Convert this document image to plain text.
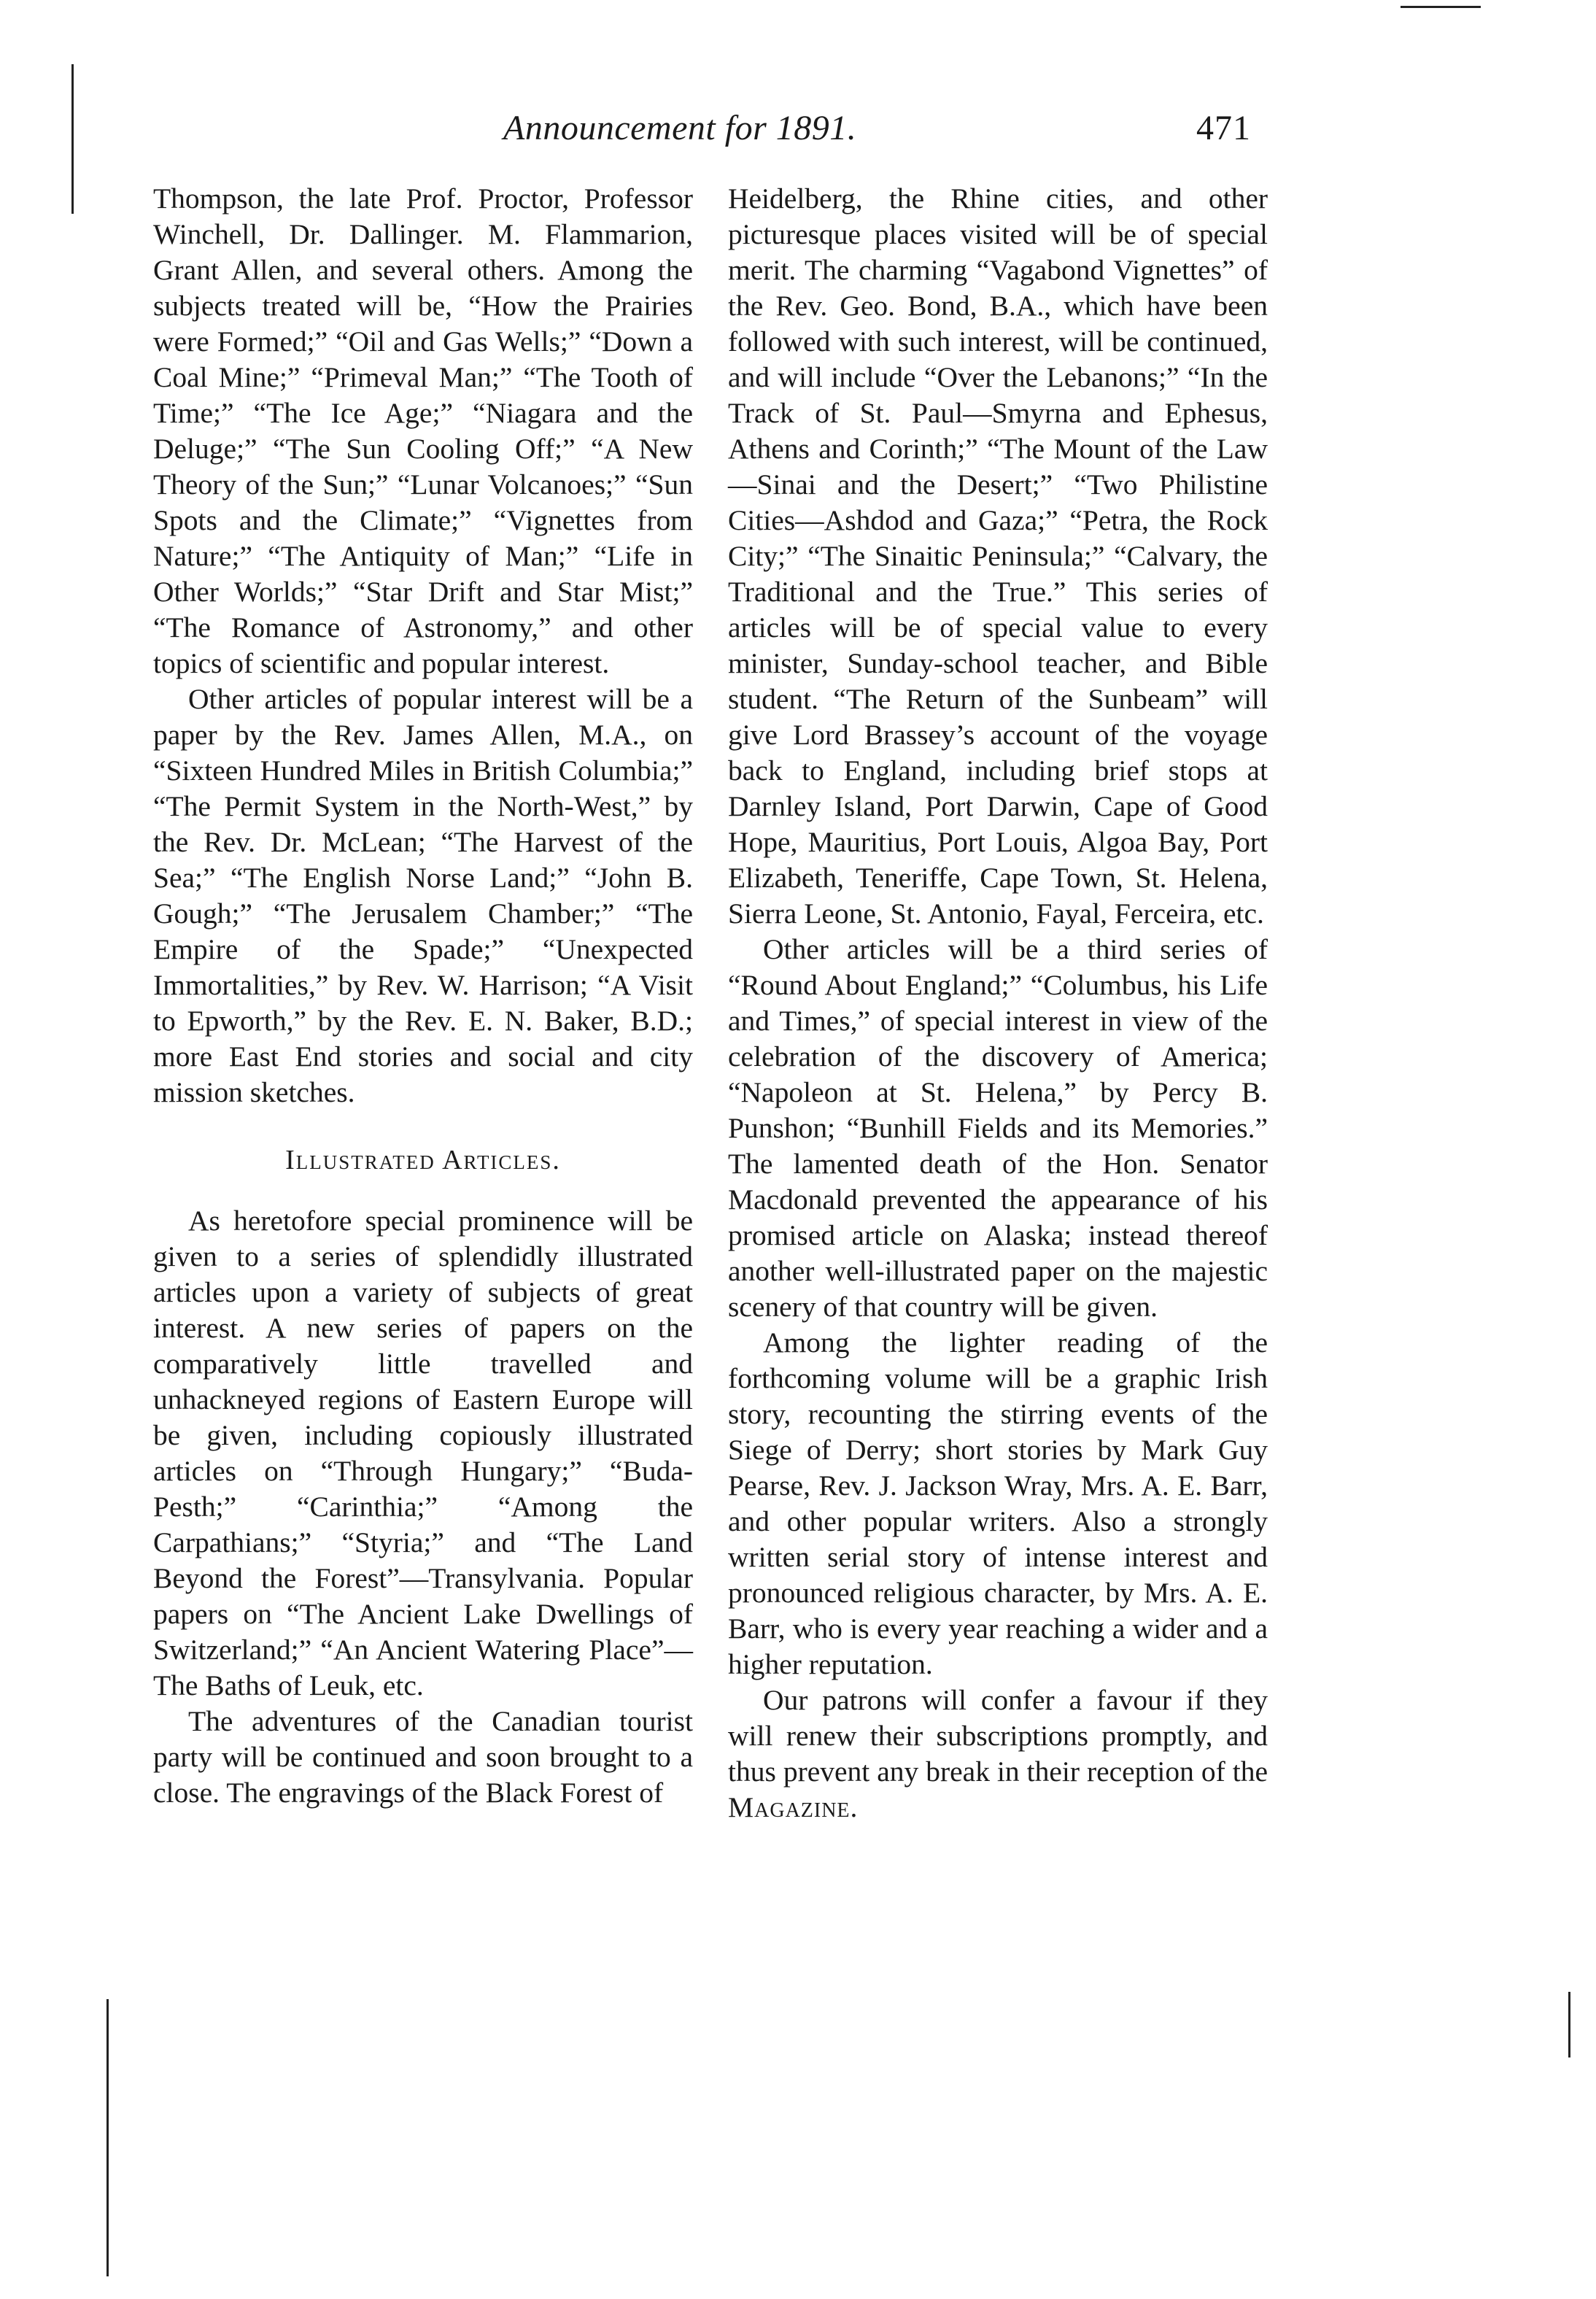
Announcement for 1891.	471

Thompson, the late Prof. Proctor, Professor Winchell, Dr. Dallinger. M. Flammarion, Grant Allen, and several others. Among the subjects treated will be, “How the Prairies were Formed;” “Oil and Gas Wells;” “Down a Coal Mine;” “Primeval Man;” “The Tooth of Time;” “The Ice Age;” “Niagara and the Deluge;” “The Sun Cooling Off;” “A New Theory of the Sun;” “Lunar Volcanoes;” “Sun Spots and the Climate;” “Vignettes from Nature;” “The Antiquity of Man;” “Life in Other Worlds;” “Star Drift and Star Mist;” “The Romance of Astronomy,” and other topics of scientific and popular interest.

Other articles of popular interest will be a paper by the Rev. James Allen, M.A., on “Sixteen Hundred Miles in British Columbia;” “The Permit System in the North-West,” by the Rev. Dr. McLean; “The Harvest of the Sea;” “The English Norse Land;” “John B. Gough;” “The Jerusalem Chamber;” “The Empire of the Spade;” “Unexpected Immortalities,” by Rev. W. Harrison; “A Visit to Epworth,” by the Rev. E. N. Baker, B.D.; more East End stories and social and city mission sketches.

Illustrated Articles.

As heretofore special prominence will be given to a series of splendidly illustrated articles upon a variety of subjects of great interest. A new series of papers on the comparatively little travelled and unhackneyed regions of Eastern Europe will be given, including copiously illustrated articles on “Through Hungary;” “Buda-Pesth;” “Carinthia;” “Among the Carpathians;” “Styria;” and “The Land Beyond the Forest”—Transylvania. Popular papers on “The Ancient Lake Dwellings of Switzerland;” “An Ancient Watering Place”—The Baths of Leuk, etc.

The adventures of the Canadian tourist party will be continued and soon brought to a close. The engravings of the Black Forest of

Heidelberg, the Rhine cities, and other picturesque places visited will be of special merit. The charming “Vagabond Vignettes” of the Rev. Geo. Bond, B.A., which have been followed with such interest, will be continued, and will include “Over the Lebanons;” “In the Track of St. Paul—Smyrna and Ephesus, Athens and Corinth;” “The Mount of the Law—Sinai and the Desert;” “Two Philistine Cities—Ashdod and Gaza;” “Petra, the Rock City;” “The Sinaitic Peninsula;” “Calvary, the Traditional and the True.” This series of articles will be of special value to every minister, Sunday-school teacher, and Bible student. “The Return of the Sunbeam” will give Lord Brassey’s account of the voyage back to England, including brief stops at Darnley Island, Port Darwin, Cape of Good Hope, Mauritius, Port Louis, Algoa Bay, Port Elizabeth, Teneriffe, Cape Town, St. Helena, Sierra Leone, St. Antonio, Fayal, Ferceira, etc.

Other articles will be a third series of “Round About England;” “Columbus, his Life and Times,” of special interest in view of the celebration of the discovery of America; “Napoleon at St. Helena,” by Percy B. Punshon; “Bunhill Fields and its Memories.” The lamented death of the Hon. Senator Macdonald prevented the appearance of his promised article on Alaska; instead thereof another well-illustrated paper on the majestic scenery of that country will be given.

Among the lighter reading of the forthcoming volume will be a graphic Irish story, recounting the stirring events of the Siege of Derry; short stories by Mark Guy Pearse, Rev. J. Jackson Wray, Mrs. A. E. Barr, and other popular writers. Also a strongly written serial story of intense interest and pronounced religious character, by Mrs. A. E. Barr, who is every year reaching a wider and a higher reputation.

Our patrons will confer a favour if they will renew their subscriptions promptly, and thus prevent any break in their reception of the Magazine.
